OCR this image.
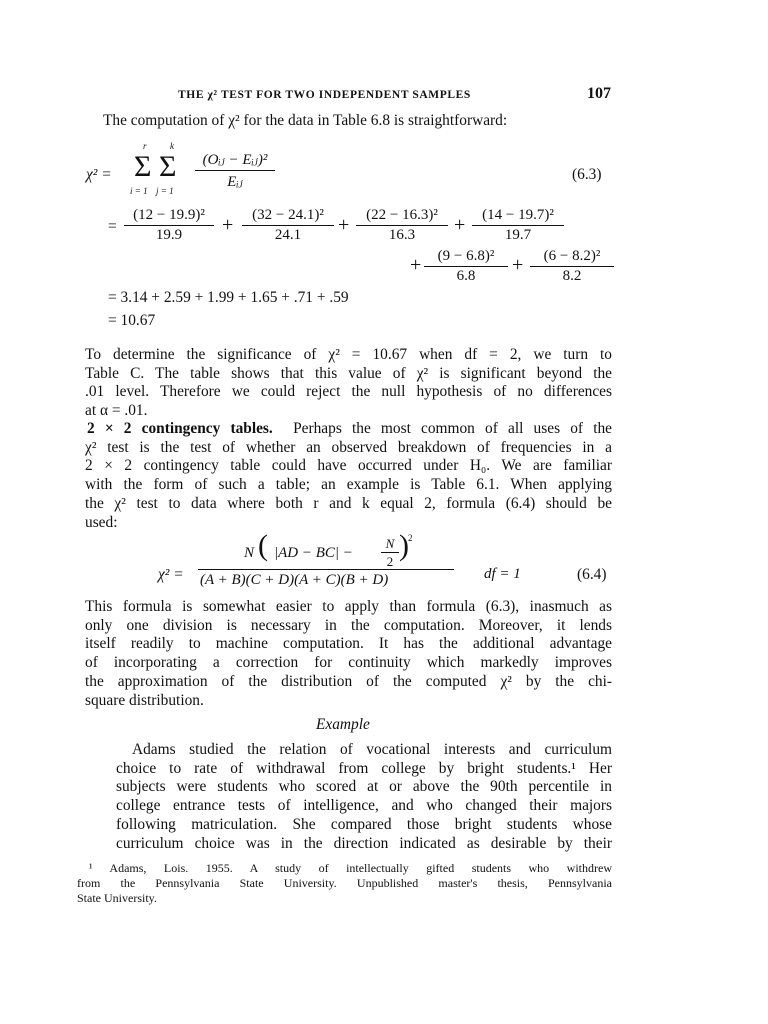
THE χ² TEST FOR TWO INDEPENDENT SAMPLES	107
The computation of χ² for the data in Table 6.8 is straightforward:
χ² =
r
Σ
i = 1
k
Σ
j = 1
(Oᵢⱼ − Eᵢⱼ)²
Eᵢⱼ	(6.3)
= $\frac{\text{(12 − 19.9)²}}{19.9} + \frac{\text{(32 − 24.1)²}}{24.1} + \frac{\text{(22 − 16.3)²}}{16.3} + \frac{\text{(14 − 19.7)²}}{19.7}$
+ $\frac{\text{(9 − 6.8)²}}{6.8} + \frac{\text{(6 − 8.2)²}}{8.2}$
= 3.14 + 2.59 + 1.99 + 1.65 + .71 + .59
= 10.67
To determine the significance of χ² = 10.67 when df = 2, we turn to
Table C. The table shows that this value of χ² is significant beyond the
.01 level. Therefore we could reject the null hypothesis of no differences
at α = .01.
2 × 2 contingency tables. Perhaps the most common of all uses of the
χ² test is the test of whether an observed breakdown of frequencies in a
2 × 2 contingency table could have occurred under H₀. We are familiar
with the form of such a table; an example is Table 6.1. When applying
the χ² test to data where both r and k equal 2, formula (6.4) should be
used:
χ² =
N ( $|AD - BC| - \frac{N}{2}$ ) 2
(A + B)(C + D)(A + C)(B + D)	df = 1	(6.4)
This formula is somewhat easier to apply than formula (6.3), inasmuch as
only one division is necessary in the computation. Moreover, it lends
itself readily to machine computation. It has the additional advantage
of incorporating a correction for continuity which markedly improves
the approximation of the distribution of the computed χ² by the chi-
square distribution.
Example
Adams studied the relation of vocational interests and curriculum
choice to rate of withdrawal from college by bright students.¹ Her
subjects were students who scored at or above the 90th percentile in
college entrance tests of intelligence, and who changed their majors
following matriculation. She compared those bright students whose
curriculum choice was in the direction indicated as desirable by their
¹ Adams, Lois. 1955. A study of intellectually gifted students who withdrew
from the Pennsylvania State University. Unpublished master's thesis, Pennsylvania
State University.
